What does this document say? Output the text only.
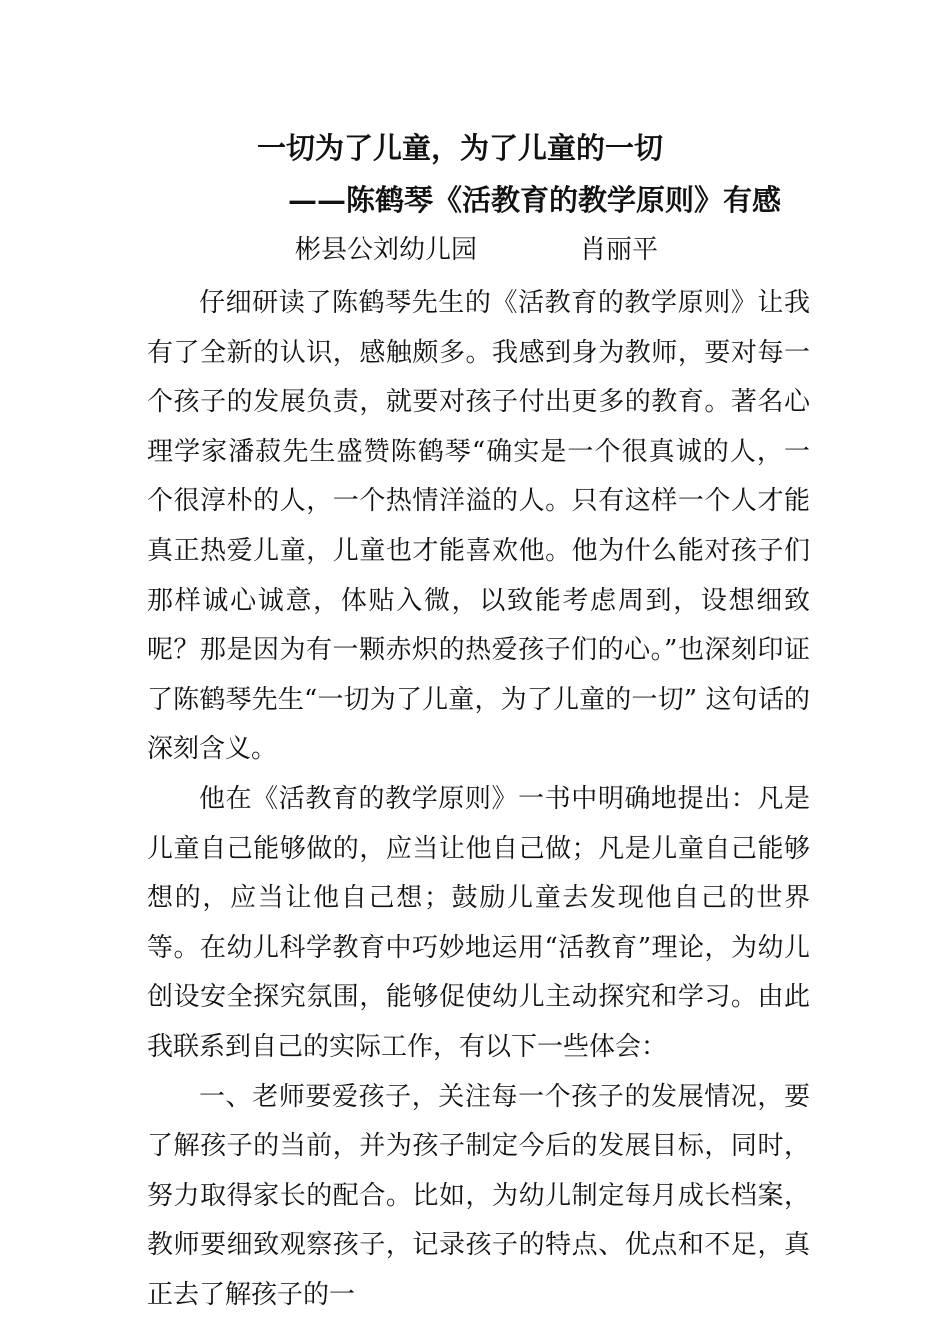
一切为了儿童，为了儿童的一切
——陈鹤琴《活教育的教学原则》有感
彬县公刘幼儿园	肖丽平

仔细研读了陈鹤琴先生的《活教育的教学原则》让我有了全新的认识，感触颇多。我感到身为教师，要对每一个孩子的发展负责，就要对孩子付出更多的教育。著名心理学家潘菽先生盛赞陈鹤琴“确实是一个很真诚的人，一个很淳朴的人，一个热情洋溢的人。只有这样一个人才能真正热爱儿童，儿童也才能喜欢他。他为什么能对孩子们那样诚心诚意，体贴入微，以致能考虑周到，设想细致呢？那是因为有一颗赤炽的热爱孩子们的心。”也深刻印证了陈鹤琴先生“一切为了儿童，为了儿童的一切” 这句话的深刻含义。

他在《活教育的教学原则》一书中明确地提出：凡是儿童自己能够做的，应当让他自己做；凡是儿童自己能够想的，应当让他自己想；鼓励儿童去发现他自己的世界等。在幼儿科学教育中巧妙地运用“活教育”理论，为幼儿创设安全探究氛围，能够促使幼儿主动探究和学习。由此我联系到自己的实际工作，有以下一些体会：

一、老师要爱孩子，关注每一个孩子的发展情况，要了解孩子的当前，并为孩子制定今后的发展目标，同时，努力取得家长的配合。比如，为幼儿制定每月成长档案，教师要细致观察孩子，记录孩子的特点、优点和不足，真正去了解孩子的一
